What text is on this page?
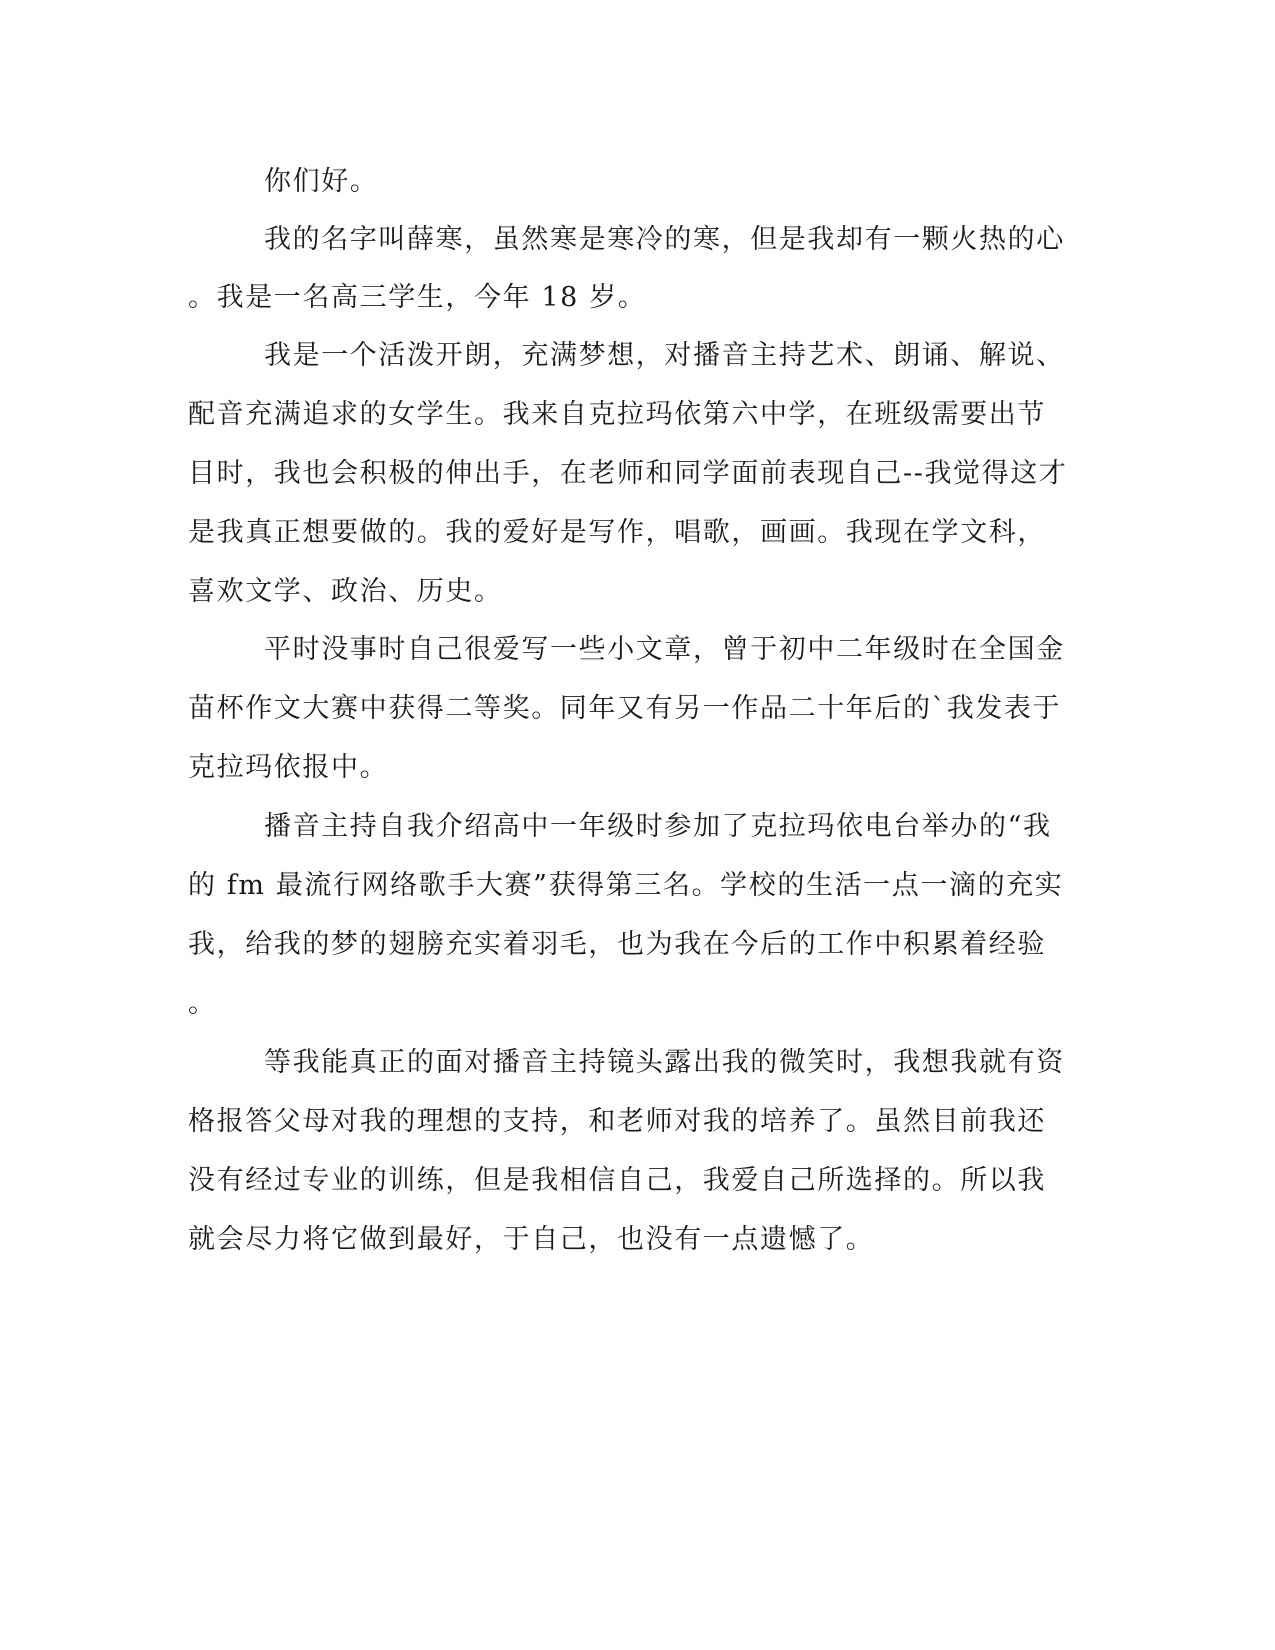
你们好。
我的名字叫薛寒，虽然寒是寒冷的寒，但是我却有一颗火热的心
。我是一名高三学生，今年 18 岁。
我是一个活泼开朗，充满梦想，对播音主持艺术、朗诵、解说、
配音充满追求的女学生。我来自克拉玛依第六中学，在班级需要出节
目时，我也会积极的伸出手，在老师和同学面前表现自己--我觉得这才
是我真正想要做的。我的爱好是写作，唱歌，画画。我现在学文科，
喜欢文学、政治、历史。
平时没事时自己很爱写一些小文章，曾于初中二年级时在全国金
苗杯作文大赛中获得二等奖。同年又有另一作品二十年后的`我发表于
克拉玛依报中。
播音主持自我介绍高中一年级时参加了克拉玛依电台举办的“我
的 fm 最流行网络歌手大赛”获得第三名。学校的生活一点一滴的充实
我，给我的梦的翅膀充实着羽毛，也为我在今后的工作中积累着经验
。
等我能真正的面对播音主持镜头露出我的微笑时，我想我就有资
格报答父母对我的理想的支持，和老师对我的培养了。虽然目前我还
没有经过专业的训练，但是我相信自己，我爱自己所选择的。所以我
就会尽力将它做到最好，于自己，也没有一点遗憾了。
